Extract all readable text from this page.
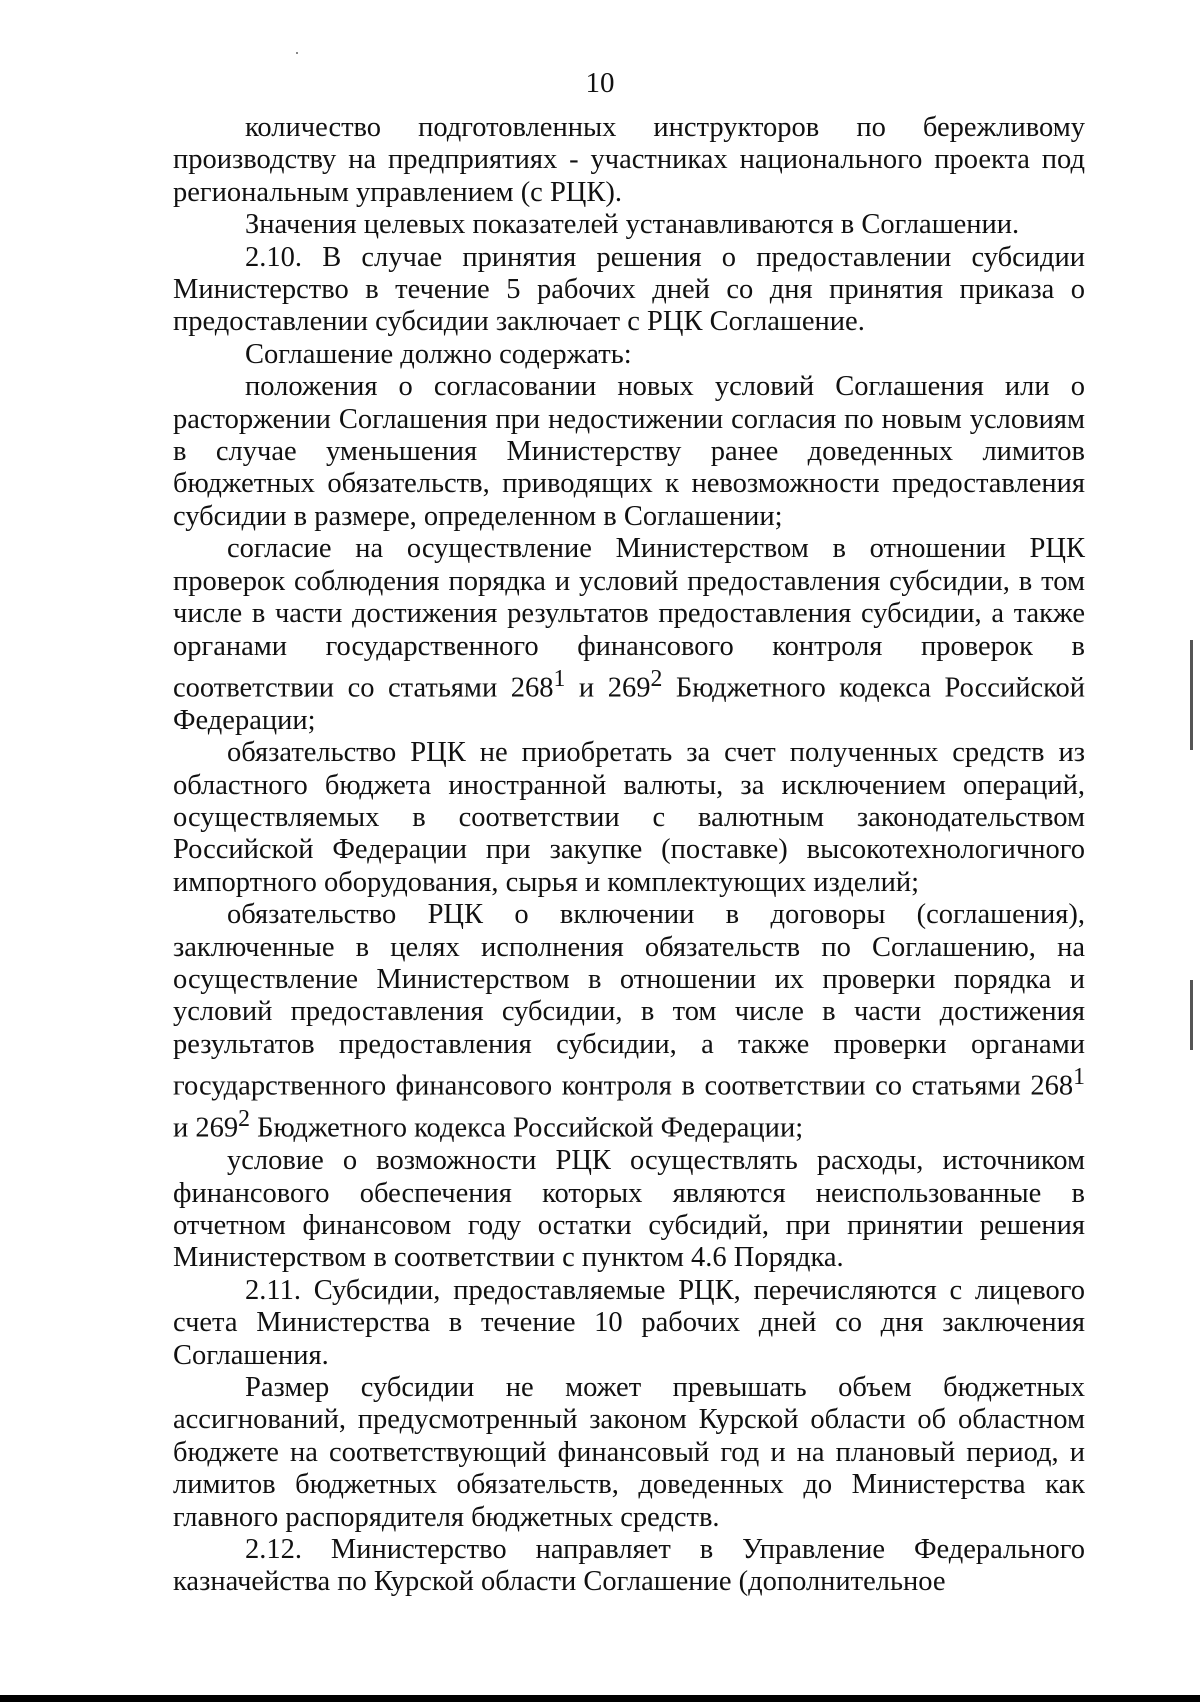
10

количество подготовленных инструкторов по бережливому производству на предприятиях - участниках национального проекта под региональным управлением (с РЦК).

Значения целевых показателей устанавливаются в Соглашении.

2.10. В случае принятия решения о предоставлении субсидии Министерство в течение 5 рабочих дней со дня принятия приказа о предоставлении субсидии заключает с РЦК Соглашение.

Соглашение должно содержать:

положения о согласовании новых условий Соглашения или о расторжении Соглашения при недостижении согласия по новым условиям в случае уменьшения Министерству ранее доведенных лимитов бюджетных обязательств, приводящих к невозможности предоставления субсидии в размере, определенном в Соглашении;

согласие на осуществление Министерством в отношении РЦК проверок соблюдения порядка и условий предоставления субсидии, в том числе в части достижения результатов предоставления субсидии, а также органами государственного финансового контроля проверок в соответствии со статьями $268^1$ и $269^2$ Бюджетного кодекса Российской Федерации;

обязательство РЦК не приобретать за счет полученных средств из областного бюджета иностранной валюты, за исключением операций, осуществляемых в соответствии с валютным законодательством Российской Федерации при закупке (поставке) высокотехнологичного импортного оборудования, сырья и комплектующих изделий;

обязательство РЦК о включении в договоры (соглашения), заключенные в целях исполнения обязательств по Соглашению, на осуществление Министерством в отношении их проверки порядка и условий предоставления субсидии, в том числе в части достижения результатов предоставления субсидии, а также проверки органами государственного финансового контроля в соответствии со статьями $268^1$ и $269^2$ Бюджетного кодекса Российской Федерации;

условие о возможности РЦК осуществлять расходы, источником финансового обеспечения которых являются неиспользованные в отчетном финансовом году остатки субсидий, при принятии решения Министерством в соответствии с пунктом 4.6 Порядка.

2.11. Субсидии, предоставляемые РЦК, перечисляются с лицевого счета Министерства в течение 10 рабочих дней со дня заключения Соглашения.

Размер субсидии не может превышать объем бюджетных ассигнований, предусмотренный законом Курской области об областном бюджете на соответствующий финансовый год и на плановый период, и лимитов бюджетных обязательств, доведенных до Министерства как главного распорядителя бюджетных средств.

2.12. Министерство направляет в Управление Федерального казначейства по Курской области Соглашение (дополнительное
